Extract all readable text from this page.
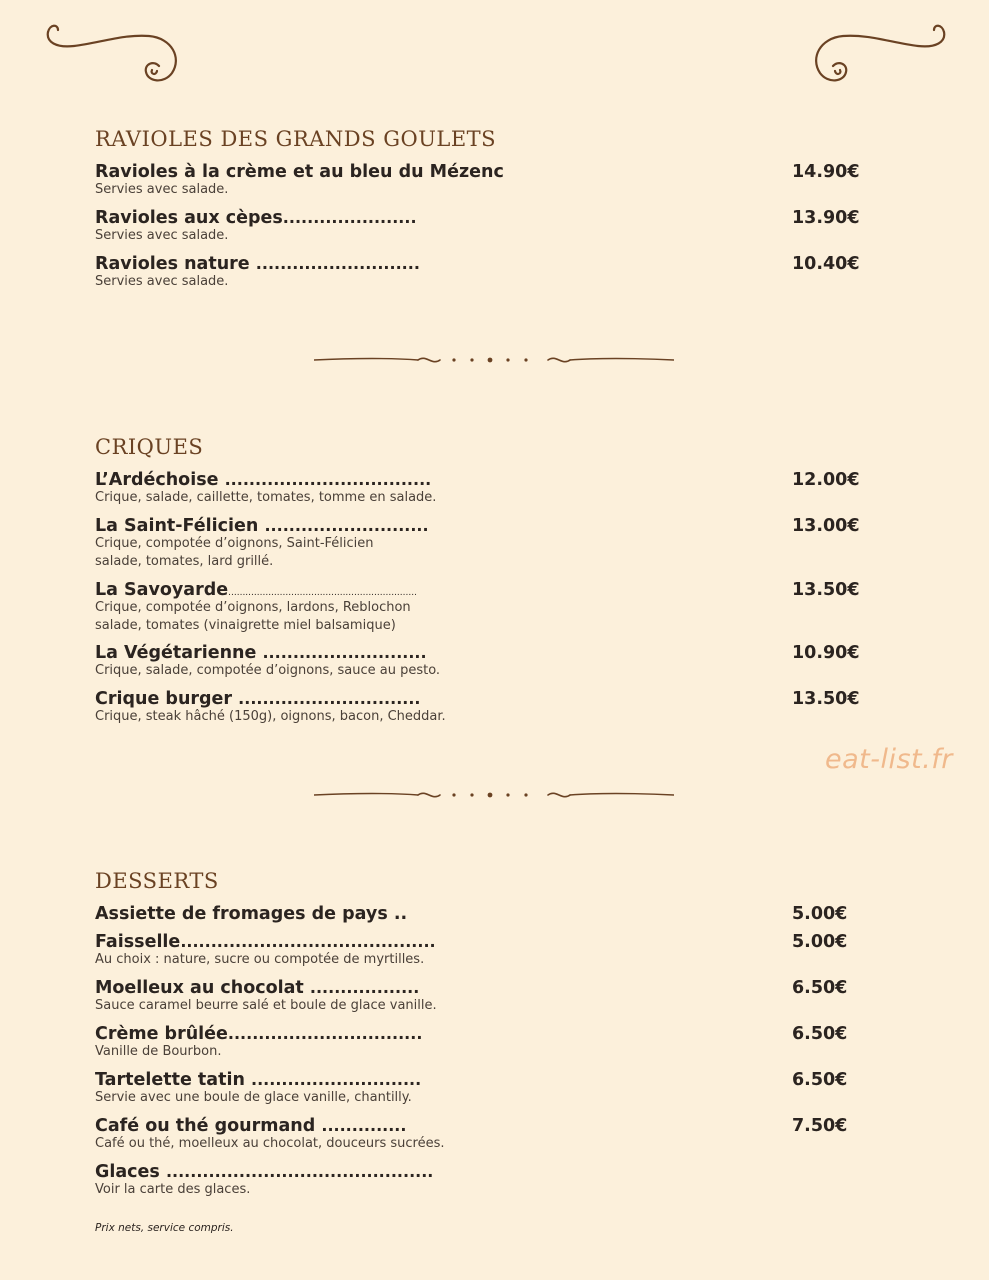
RAVIOLES DES GRANDS GOULETS
Ravioles à la crème et au bleu du Mézenc	14.90€
Servies avec salade.
Ravioles aux cèpes......................	13.90€
Servies avec salade.
Ravioles nature ...........................	10.40€
Servies avec salade.
CRIQUES
L’Ardéchoise ..................................	12.00€
Crique, salade, caillette, tomates, tomme en salade.
La Saint-Félicien ...........................	13.00€
Crique, compotée d’oignons, Saint-Félicien
salade, tomates, lard grillé.
La Savoyarde..................................................................	13.50€
Crique, compotée d’oignons, lardons, Reblochon
salade, tomates (vinaigrette miel balsamique)
La Végétarienne ...........................	10.90€
Crique, salade, compotée d’oignons, sauce au pesto.
Crique burger ..............................	13.50€
Crique, steak hâché (150g), oignons, bacon, Cheddar.
eat-list.fr
DESSERTS
Assiette de fromages de pays ..	5.00€
Faisselle..........................................	5.00€
Au choix : nature, sucre ou compotée de myrtilles.
Moelleux au chocolat ..................	6.50€
Sauce caramel beurre salé et boule de glace vanille.
Crème brûlée................................	6.50€
Vanille de Bourbon.
Tartelette tatin ............................	6.50€
Servie avec une boule de glace vanille, chantilly.
Café ou thé gourmand ..............	7.50€
Café ou thé, moelleux au chocolat, douceurs sucrées.
Glaces ............................................
Voir la carte des glaces.
Prix nets, service compris.
